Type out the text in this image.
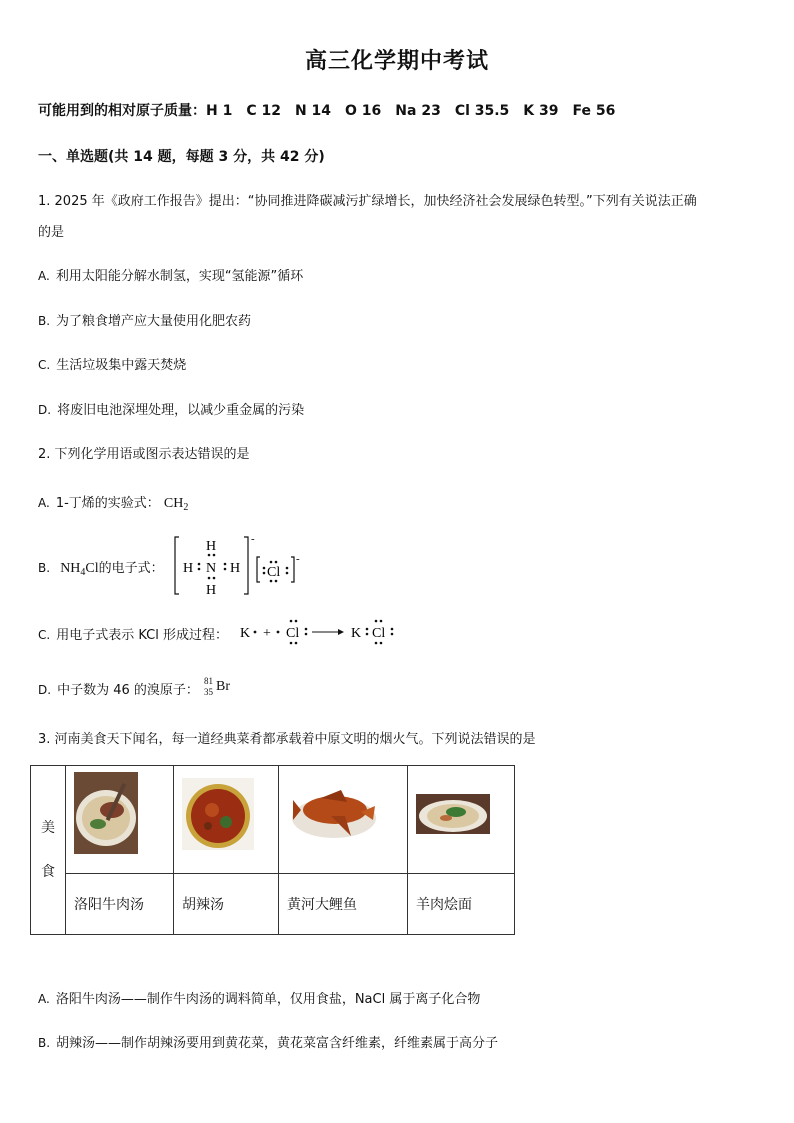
高三化学期中考试
可能用到的相对原子质量：H 1　C 12　N 14　O 16　Na 23　Cl 35.5　K 39　Fe 56
一、单选题(共 14 题，每题 3 分，共 42 分)
1. 2025 年《政府工作报告》提出：“协同推进降碳减污扩绿增长，加快经济社会发展绿色转型。”下列有关说法正确
的是
A. 利用太阳能分解水制氢，实现“氢能源”循环
B. 为了粮食增产应大量使用化肥农药
C. 生活垃圾集中露天焚烧
D. 将废旧电池深埋处理，以减少重金属的污染
2. 下列化学用语或图示表达错误的是
A. 1-丁烯的实验式： $CH_2$
B. $NH_4Cl$的电子式：
-
H
H N H
H
-
Cl
C. 用电子式表示 KCl 形成过程： K + Cl	K Cl
D. 中子数为 46 的溴原子：
81
35 Br
3. 河南美食天下闻名，每一道经典菜肴都承载着中原文明的烟火气。下列说法错误的是
美
食

	洛阳牛肉汤	胡辣汤	黄河大鲤鱼	羊肉烩面
A. 洛阳牛肉汤——制作牛肉汤的调料简单，仅用食盐，NaCl 属于离子化合物
B. 胡辣汤——制作胡辣汤要用到黄花菜，黄花菜富含纤维素，纤维素属于高分子
